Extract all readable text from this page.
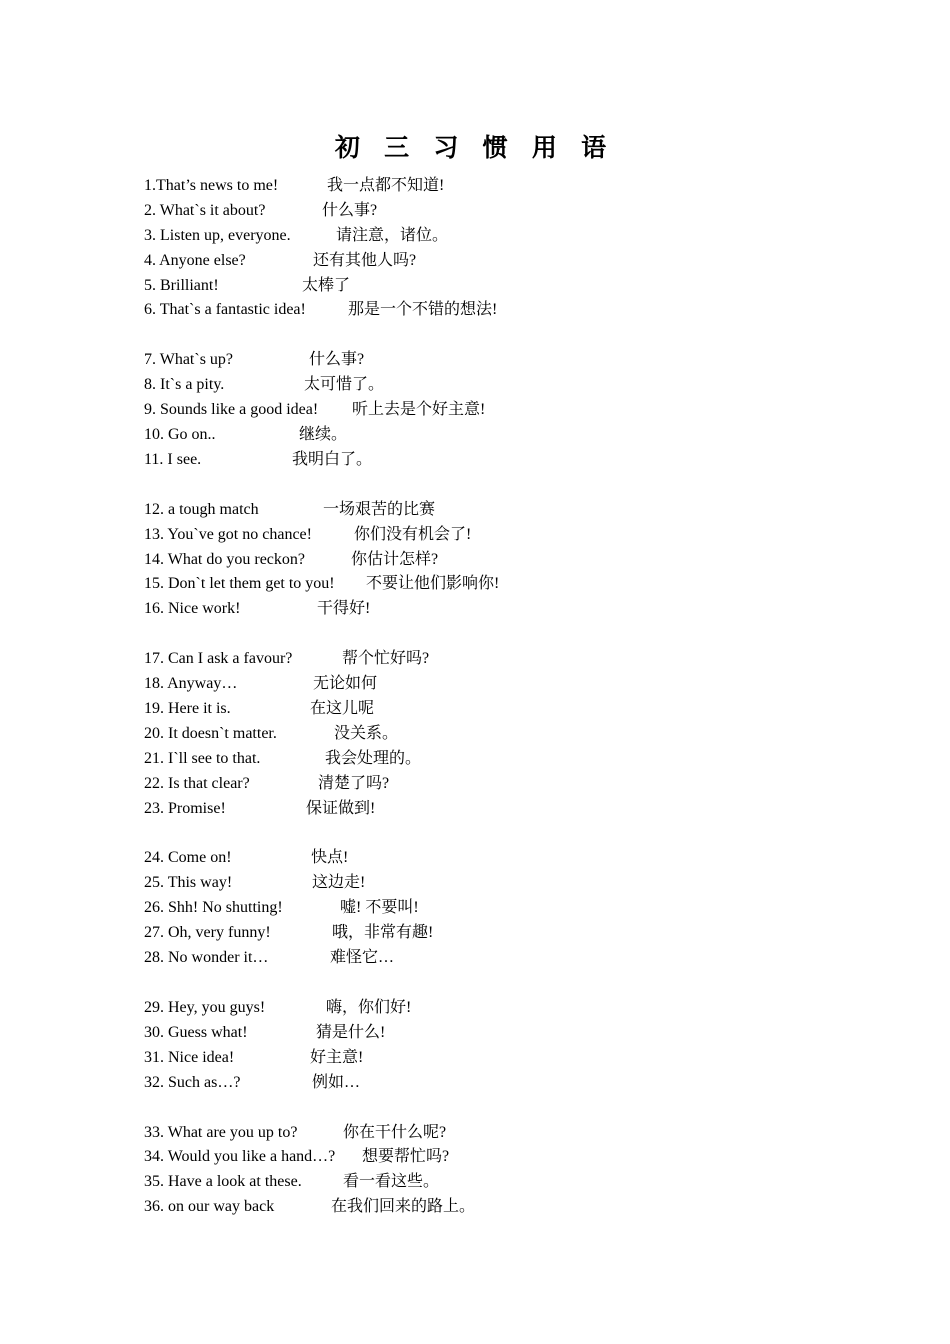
初 三 习 惯 用 语
1.That’s news to me!	我一点都不知道!
2. What`s it about?	什么事?
3. Listen up, everyone.	请注意，诸位。
4. Anyone else?	还有其他人吗?
5. Brilliant!	太棒了
6. That`s a fantastic idea!	那是一个不错的想法!
7. What`s up?	什么事?
8. It`s a pity.	太可惜了。
9. Sounds like a good idea! 听上去是个好主意!
10. Go on..	继续。
11. I see.	我明白了。
12. a tough match	一场艰苦的比赛
13. You`ve got no chance!	你们没有机会了!
14. What do you reckon?	你估计怎样?
15. Don`t let them get to you! 不要让他们影响你!
16. Nice work!	干得好!
17. Can I ask a favour?	帮个忙好吗?
18. Anyway…	无论如何
19. Here it is.	在这儿呢
20. It doesn`t matter.	没关系。
21. I`ll see to that.	我会处理的。
22. Is that clear?	清楚了吗?
23. Promise!	保证做到!
24. Come on!	快点!
25. This way!	这边走!
26. Shh! No shutting!	嘘! 不要叫!
27. Oh, very funny!	哦，非常有趣!
28. No wonder it…	难怪它…
29. Hey, you guys!	嗨，你们好!
30. Guess what!	猜是什么!
31. Nice idea!	好主意!
32. Such as…?	例如…
33. What are you up to?	你在干什么呢?
34. Would you like a hand…? 想要帮忙吗?
35. Have a look at these.	看一看这些。
36. on our way back	在我们回来的路上。
